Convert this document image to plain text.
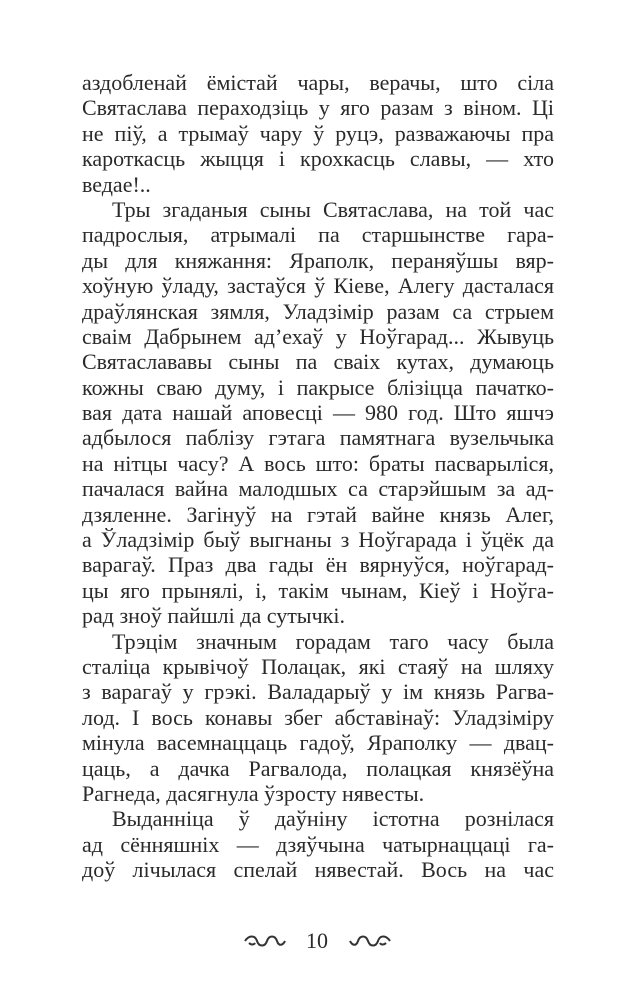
аздобленай ёмістай чары, верачы, што сіла
Святаслава пераходзіць у яго разам з віном. Ці
не піў, а трымаў чару ў руцэ, разважаючы пра
кароткасць жыцця і крохкасць славы, — хто
ведае!..
Тры згаданыя сыны Святаслава, на той час
падрослыя, атрымалі па старшынстве гара-
ды для княжання: Яраполк, пераняўшы вяр-
хоўную ўладу, застаўся ў Кіеве, Алегу дасталася
драўлянская зямля, Уладзімір разам са стрыем
сваім Дабрынем ад’ехаў у Ноўгарад... Жывуць
Святаслававы сыны па сваіх кутах, думаюць
кожны сваю думу, і пакрысе блізіцца пачатко-
вая дата нашай аповесці — 980 год. Што яшчэ
адбылося паблізу гэтага памятнага вузельчыка
на нітцы часу? А вось што: браты пасварыліся,
пачалася вайна малодшых са старэйшым за ад-
дзяленне. Загінуў на гэтай вайне князь Алег,
а Ўладзімір быў выгнаны з Ноўгарада і ўцёк да
варагаў. Праз два гады ён вярнуўся, ноўгарад-
цы яго прынялі, і, такім чынам, Кіеў і Ноўга-
рад зноў пайшлі да сутычкі.
Трэцім значным горадам таго часу была
сталіца крывічоў Полацак, які стаяў на шляху
з варагаў у грэкі. Валадарыў у ім князь Рагва-
лод. І вось конавы збег абставінаў: Уладзіміру
мінула васемнаццаць гадоў, Яраполку — двац-
цаць, а дачка Рагвалода, полацкая князёўна
Рагнеда, дасягнула ўзросту нявесты.
Выданніца ў даўніну істотна рознілася
ад сённяшніх — дзяўчына чатырнаццаці га-
доў лічылася спелай нявестай. Вось на час
10
